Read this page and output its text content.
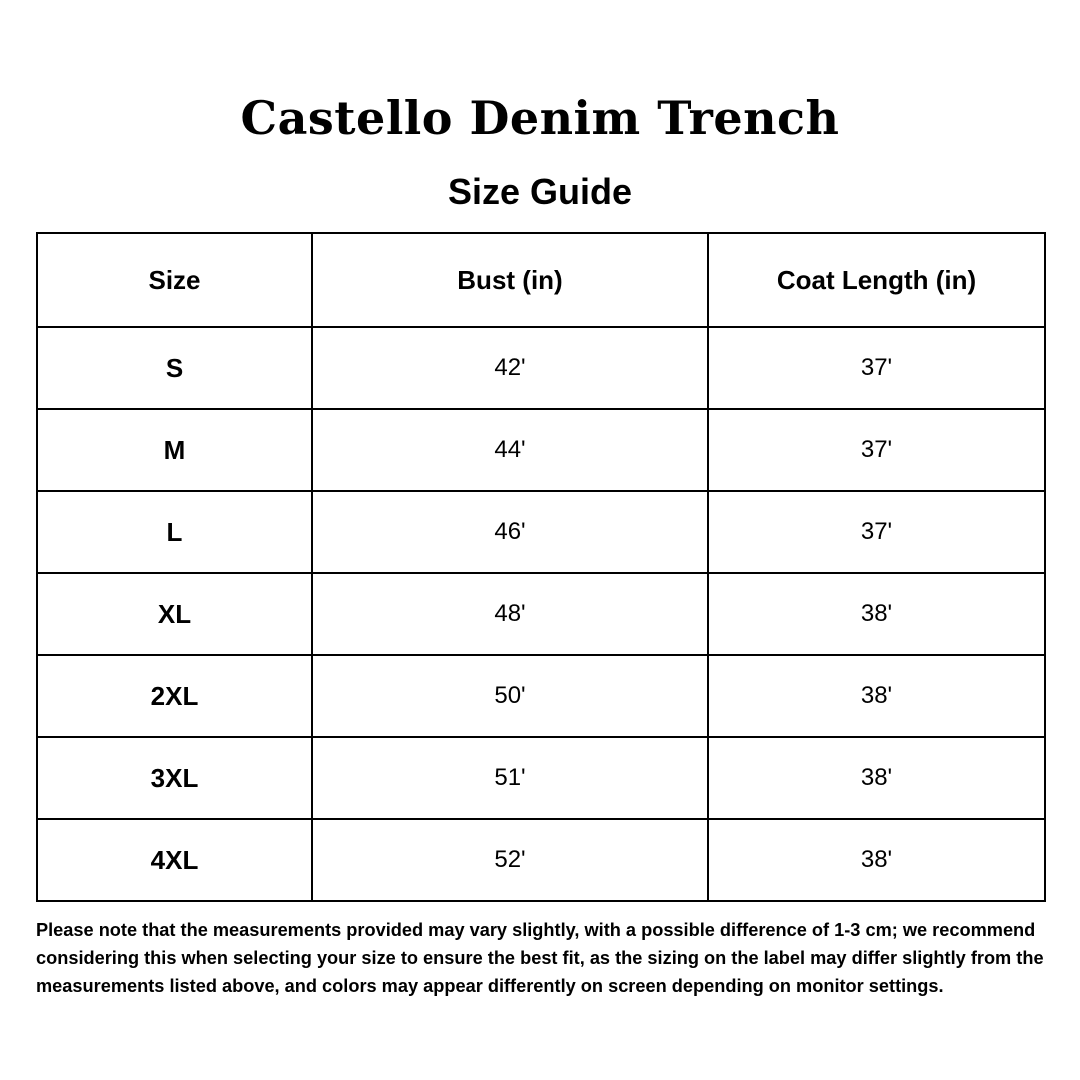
Castello Denim Trench
Size Guide
Size	Bust (in)	Coat Length (in)
S	42'	37'
M	44'	37'
L	46'	37'
XL	48'	38'
2XL	50'	38'
3XL	51'	38'
4XL	52'	38'
Please note that the measurements provided may vary slightly, with a possible difference of 1-3 cm; we recommend considering this when selecting your size to ensure the best fit, as the sizing on the label may differ slightly from the measurements listed above, and colors may appear differently on screen depending on monitor settings.
